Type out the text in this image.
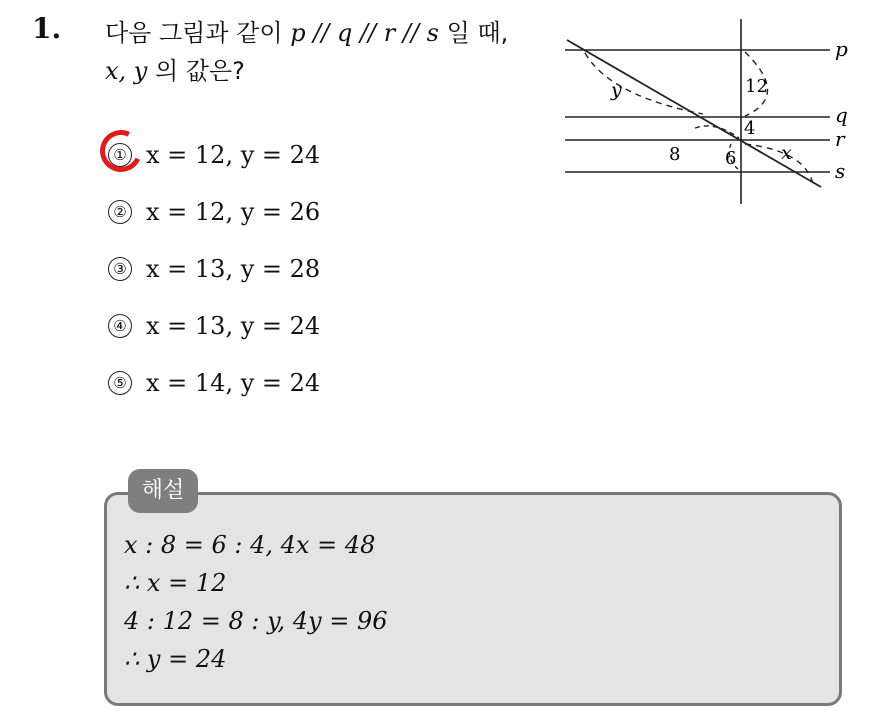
1. 다음 그림과 같이 p // q // r // s 일 때,
x, y 의 값은?
① x = 12, y = 24
② x = 12, y = 26
③ x = 13, y = 28
④ x = 13, y = 24
⑤ x = 14, y = 24
p
q
r
s
12
4
6
8
y
x
해설
x : 8 = 6 : 4, 4x = 48
∴ x = 12
4 : 12 = 8 : y, 4y = 96
∴ y = 24
